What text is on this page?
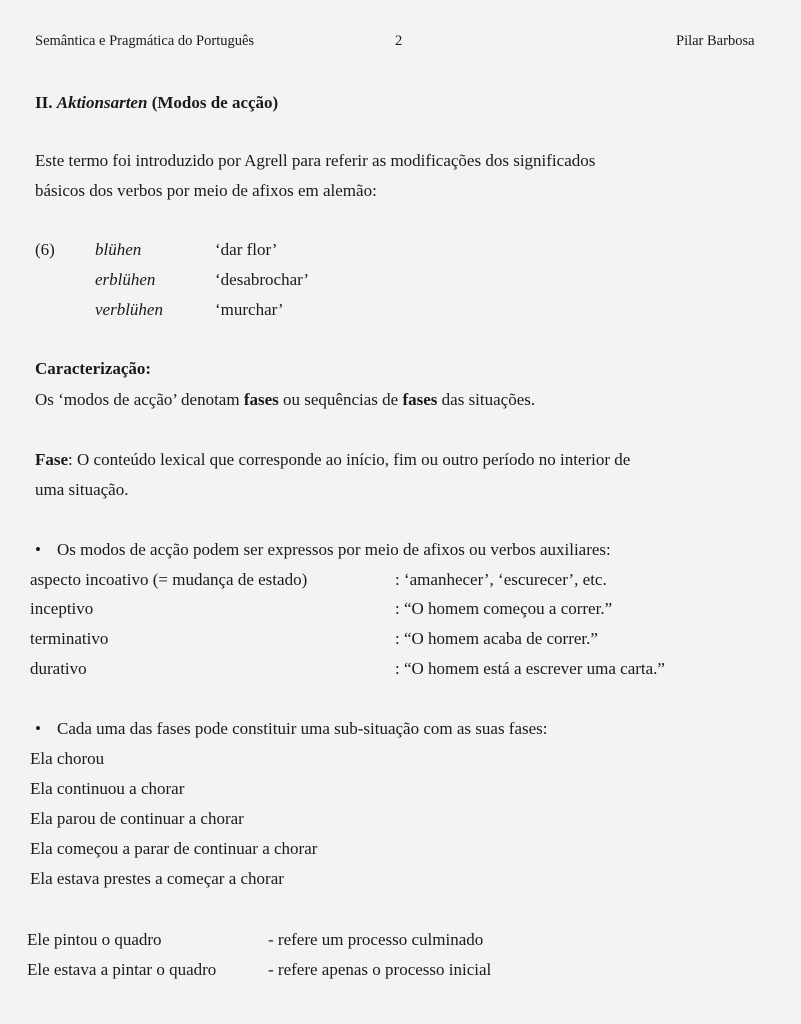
Semântica e Pragmática do Português	2	Pilar Barbosa
II. Aktionsarten (Modos de acção)
Este termo foi introduzido por Agrell para referir as modificações dos significados
básicos dos verbos por meio de afixos em alemão:
(6) blühen	‘dar flor’
erblühen	‘desabrochar’
verblühen	‘murchar’
Caracterização:
Os ‘modos de acção’ denotam fases ou sequências de fases das situações.
Fase: O conteúdo lexical que corresponde ao início, fim ou outro período no interior de
uma situação.
• Os modos de acção podem ser expressos por meio de afixos ou verbos auxiliares:
aspecto incoativo (= mudança de estado)	: ‘amanhecer’, ‘escurecer’, etc.
inceptivo	: “O homem começou a correr.”
terminativo	: “O homem acaba de correr.”
durativo	: “O homem está a escrever uma carta.”
• Cada uma das fases pode constituir uma sub-situação com as suas fases:
Ela chorou
Ela continuou a chorar
Ela parou de continuar a chorar
Ela começou a parar de continuar a chorar
Ela estava prestes a começar a chorar
Ele pintou o quadro	- refere um processo culminado
Ele estava a pintar o quadro	- refere apenas o processo inicial
